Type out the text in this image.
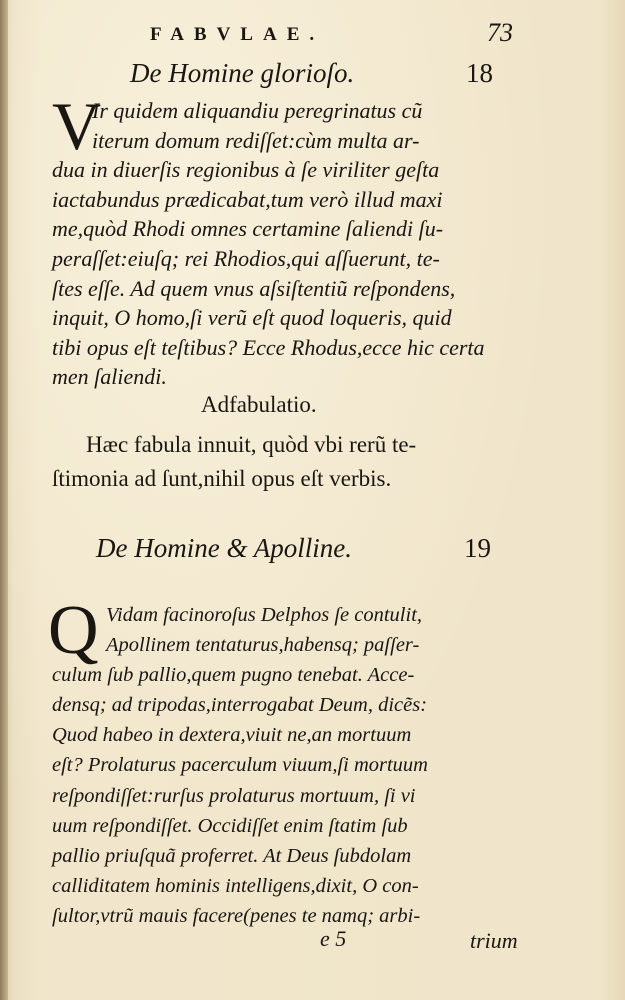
FABVLAE.	73
De Homine glorioſo.	18
V
Ir quidem aliquandiu peregrinatus cũ
iterum domum rediſſet:cùm multa ar-
dua in diuerſis regionibus à ſe viriliter geſta
iactabundus prædicabat,tum verò illud maxi
me,quòd Rhodi omnes certamine ſaliendi ſu-
peraſſet:eiuſq; rei Rhodios,qui aſſuerunt, te-
ſtes eſſe. Ad quem vnus aſsiſtentiũ reſpondens,
inquit, O homo,ſi verũ eſt quod loqueris, quid
tibi opus eſt teſtibus? Ecce Rhodus,ecce hic certa
men ſaliendi.
Adfabulatio.
Hæc fabula innuit, quòd vbi rerũ te-
ſtimonia ad ſunt,nihil opus eſt verbis.
De Homine & Apolline.	19
Q Vidam facinoroſus Delphos ſe contulit,
Apollinem tentaturus,habensq; paſſer-
culum ſub pallio,quem pugno tenebat. Acce-
densq; ad tripodas,interrogabat Deum, dicẽs:
Quod habeo in dextera,viuit ne,an mortuum
eſt? Prolaturus pacerculum viuum,ſi mortuum
reſpondiſſet:rurſus prolaturus mortuum, ſi vi
uum reſpondiſſet. Occidiſſet enim ſtatim ſub
pallio priuſquã proferret. At Deus ſubdolam
calliditatem hominis intelligens,dixit, O con-
ſultor,vtrũ mauis facere(penes te namq; arbi-
e 5	trium
